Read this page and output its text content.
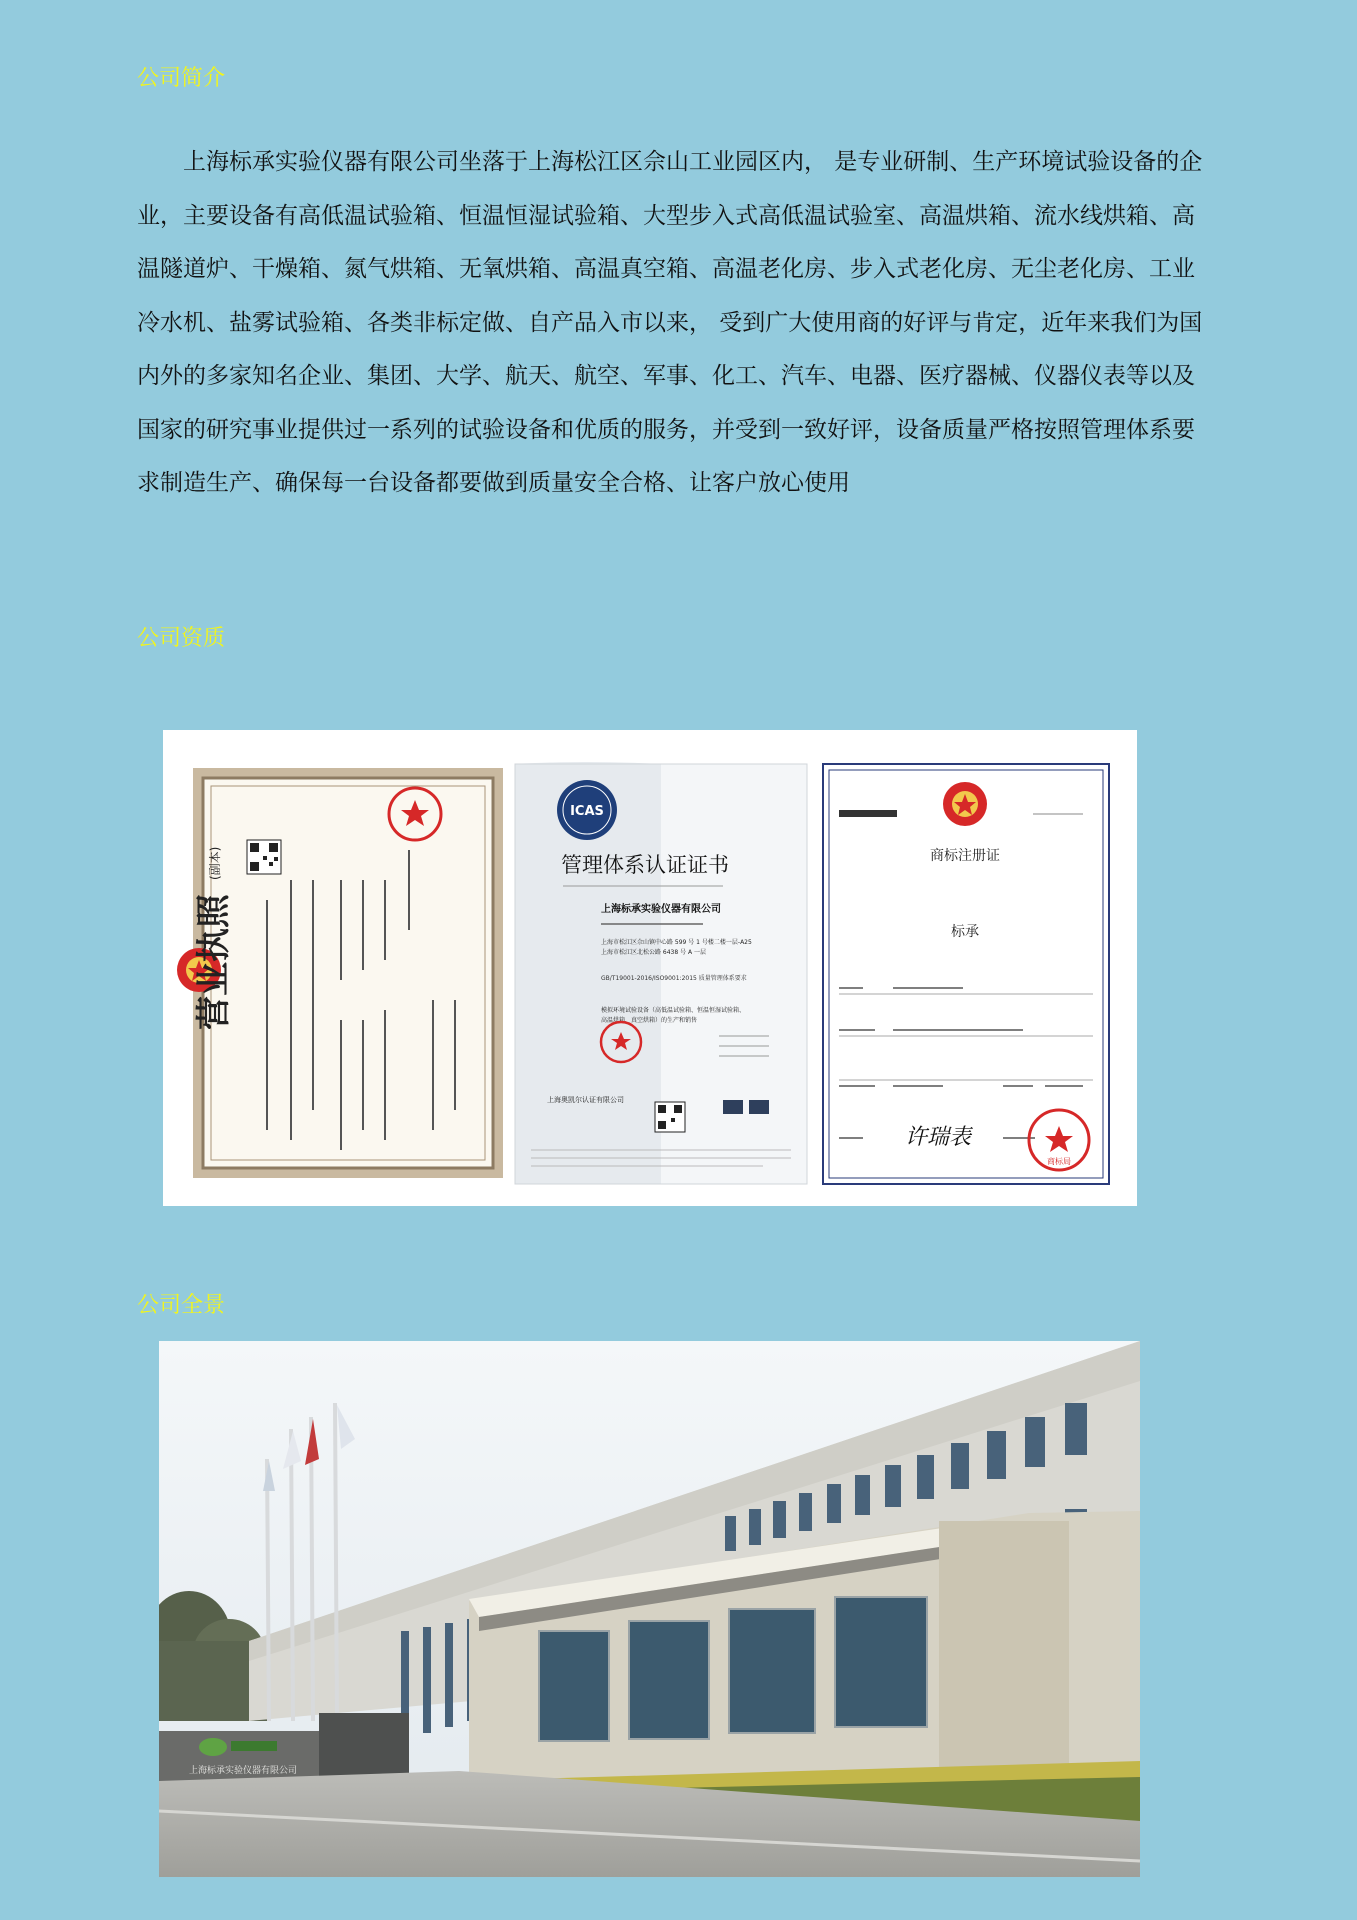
公司简介

上海标承实验仪器有限公司坐落于上海松江区佘山工业园区内， 是专业研制、生产环境试验设备的企业，主要设备有高低温试验箱、恒温恒湿试验箱、大型步入式高低温试验室、高温烘箱、流水线烘箱、高温隧道炉、干燥箱、氮气烘箱、无氧烘箱、高温真空箱、高温老化房、步入式老化房、无尘老化房、工业冷水机、盐雾试验箱、各类非标定做、自产品入市以来， 受到广大使用商的好评与肯定，近年来我们为国内外的多家知名企业、集团、大学、航天、航空、军事、化工、汽车、电器、医疗器械、仪器仪表等以及国家的研究事业提供过一系列的试验设备和优质的服务，并受到一致好评，设备质量严格按照管理体系要求制造生产、确保每一台设备都要做到质量安全合格、让客户放心使用

公司资质
营业执照
(副本)
ICAS
管理体系认证证书
上海标承实验仪器有限公司
上海市松江区佘山镇中心路 599 号 1 号楼二楼一层-A25
上海市松江区北松公路 6438 号 A 一层
GB/T19001-2016/ISO9001:2015 质量管理体系要求
模拟环境试验设备（高低温试验箱、恒温恒湿试验箱、
高温烘箱、真空烘箱）的生产和销售
上海奥凯尔认证有限公司
商标注册证
标承
许瑞表
商标局
公司全景
上海标承实验仪器有限公司
